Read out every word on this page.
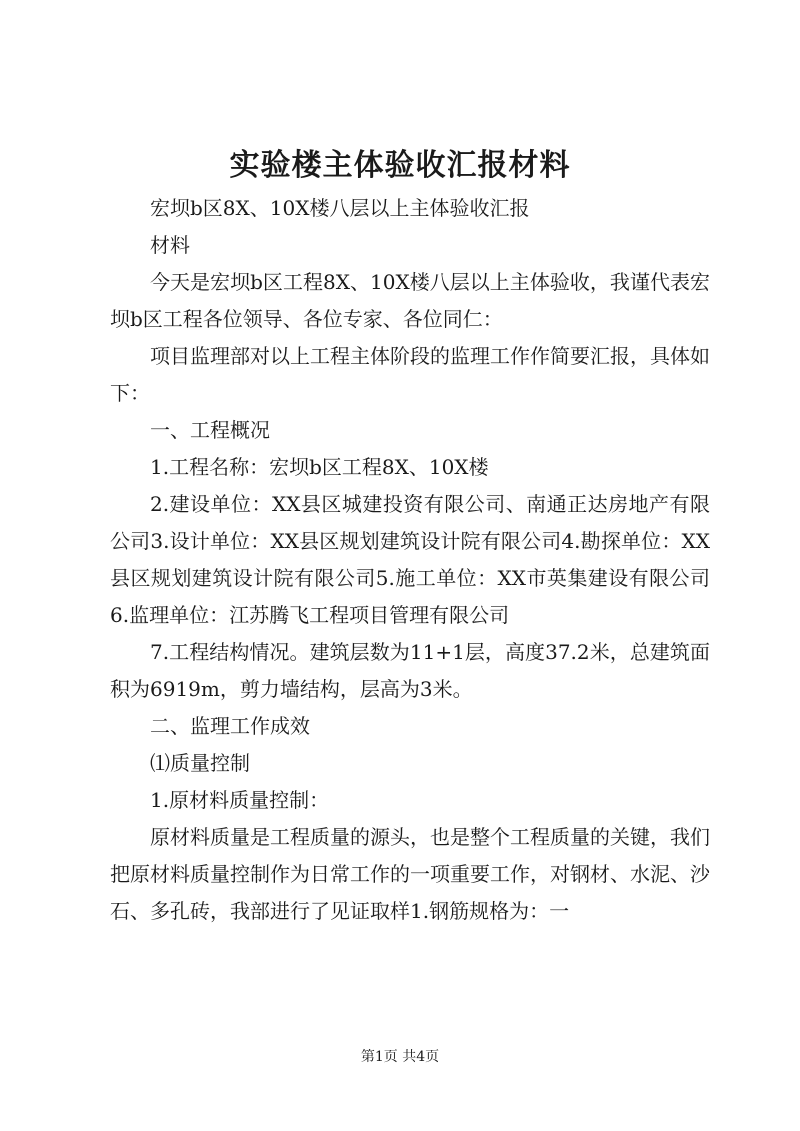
实验楼主体验收汇报材料

宏坝b区8X、10X楼八层以上主体验收汇报

材料

今天是宏坝b区工程8X、10X楼八层以上主体验收，我谨代表宏坝b区工程各位领导、各位专家、各位同仁：

项目监理部对以上工程主体阶段的监理工作作简要汇报，具体如下：

一、工程概况

1.工程名称：宏坝b区工程8X、10X楼

2.建设单位：XX县区城建投资有限公司、南通正达房地产有限公司3.设计单位：XX县区规划建筑设计院有限公司4.勘探单位：XX县区规划建筑设计院有限公司5.施工单位：XX市英集建设有限公司6.监理单位：江苏腾飞工程项目管理有限公司

7.工程结构情况。建筑层数为11+1层，高度37.2米，总建筑面积为6919m，剪力墙结构，层高为3米。

二、监理工作成效

⑴质量控制

1.原材料质量控制：

原材料质量是工程质量的源头，也是整个工程质量的关键，我们把原材料质量控制作为日常工作的一项重要工作，对钢材、水泥、沙石、多孔砖，我部进行了见证取样1.钢筋规格为：一

第1页 共4页
